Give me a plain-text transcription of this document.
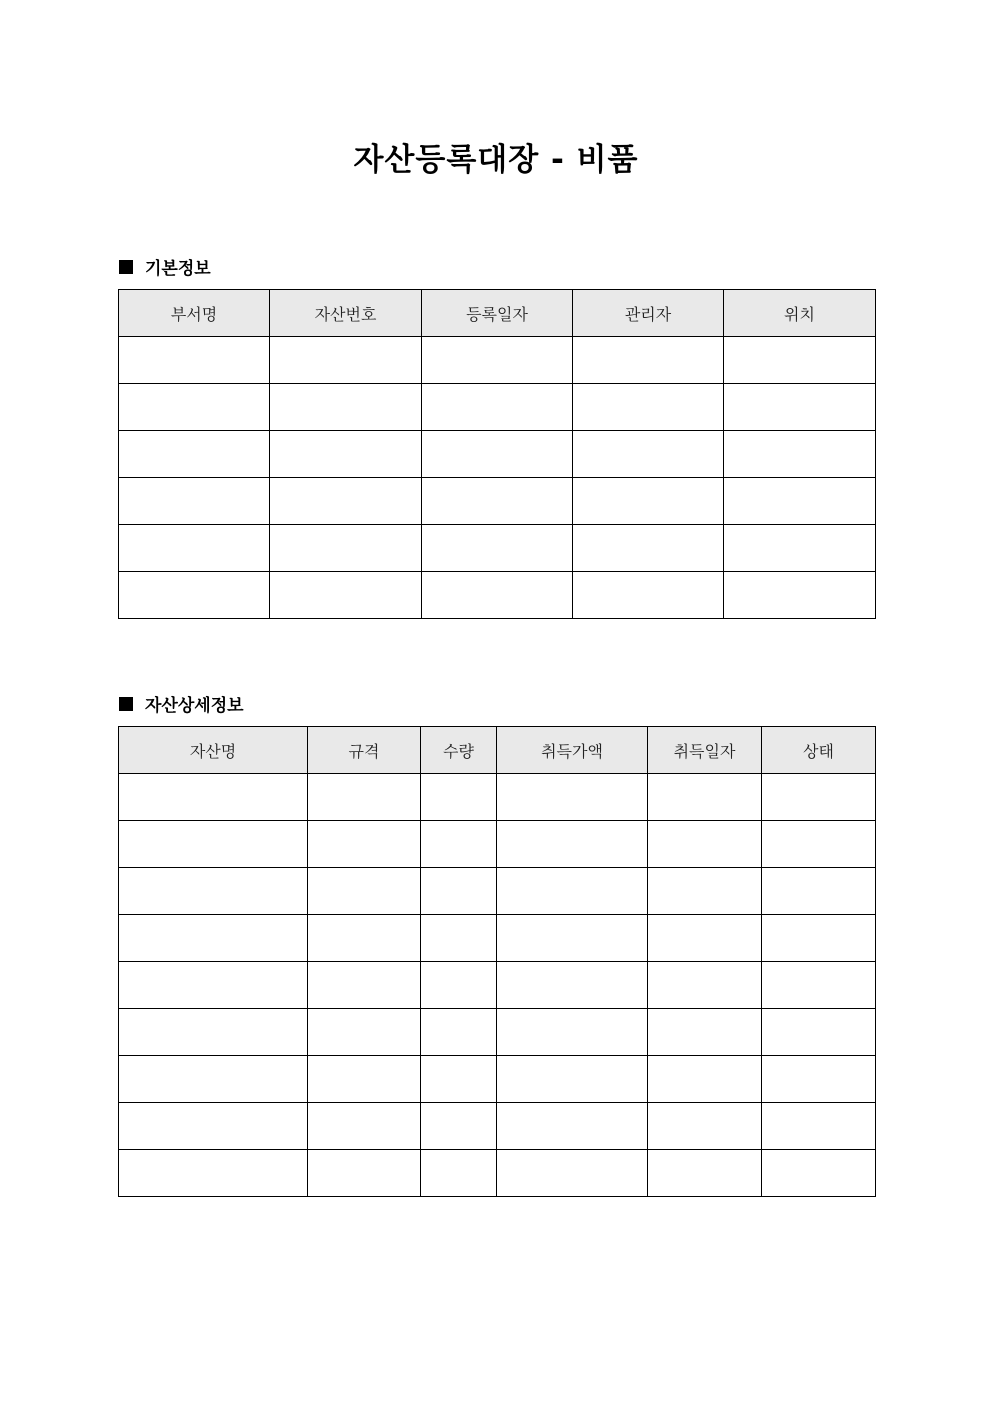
자산등록대장 - 비품
기본정보
부서명	자산번호	등록일자	관리자	위치

자산상세정보
자산명	규격	수량	취득가액	취득일자	상태
